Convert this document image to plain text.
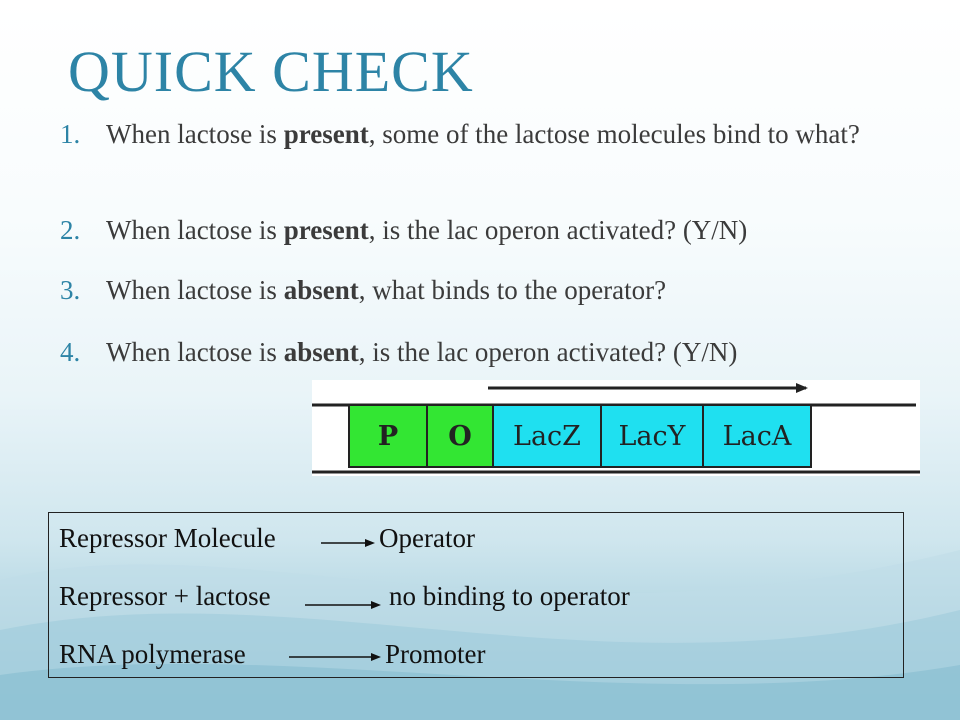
QUICK CHECK
1. When lactose is present, some of the lactose molecules bind to what?
2. When lactose is present, is the lac operon activated? (Y/N)
3. When lactose is absent, what binds to the operator?
4. When lactose is absent, is the lac operon activated? (Y/N)
P	O	LacZ	LacY	LacA
Repressor Molecule	Operator
Repressor + lactose	no binding to operator
RNA polymerase	Promoter
